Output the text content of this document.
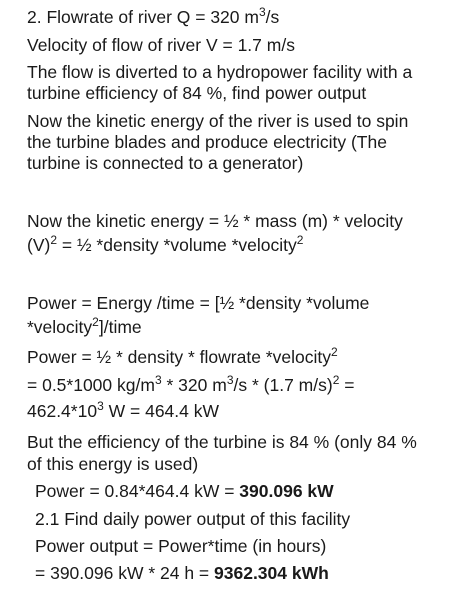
2. Flowrate of river Q = 320 $m^3/s$
Velocity of flow of river V = 1.7 m/s
The flow is diverted to a hydropower facility with a
turbine efficiency of 84 %, find power output
Now the kinetic energy of the river is used to spin
the turbine blades and produce electricity (The
turbine is connected to a generator)
Now the kinetic energy = ½ * mass (m) * velocity
$(V)^2$ = ½ *density *volume *velocity$^2$
Power = Energy /time = [½ *density *volume
*velocity$^2$]/time
Power = ½ * density * flowrate *velocity$^2$
= 0.5*1000 $kg/m^3 * 320$ $m^3/s * (1.7$ m/s)$^2$ =
$462.4*10^3$ W = 464.4 kW
But the efficiency of the turbine is 84 % (only 84 %
of this energy is used)
Power = 0.84*464.4 kW = 390.096 kW
2.1 Find daily power output of this facility
Power output = Power*time (in hours)
= 390.096 kW * 24 h = 9362.304 kWh
